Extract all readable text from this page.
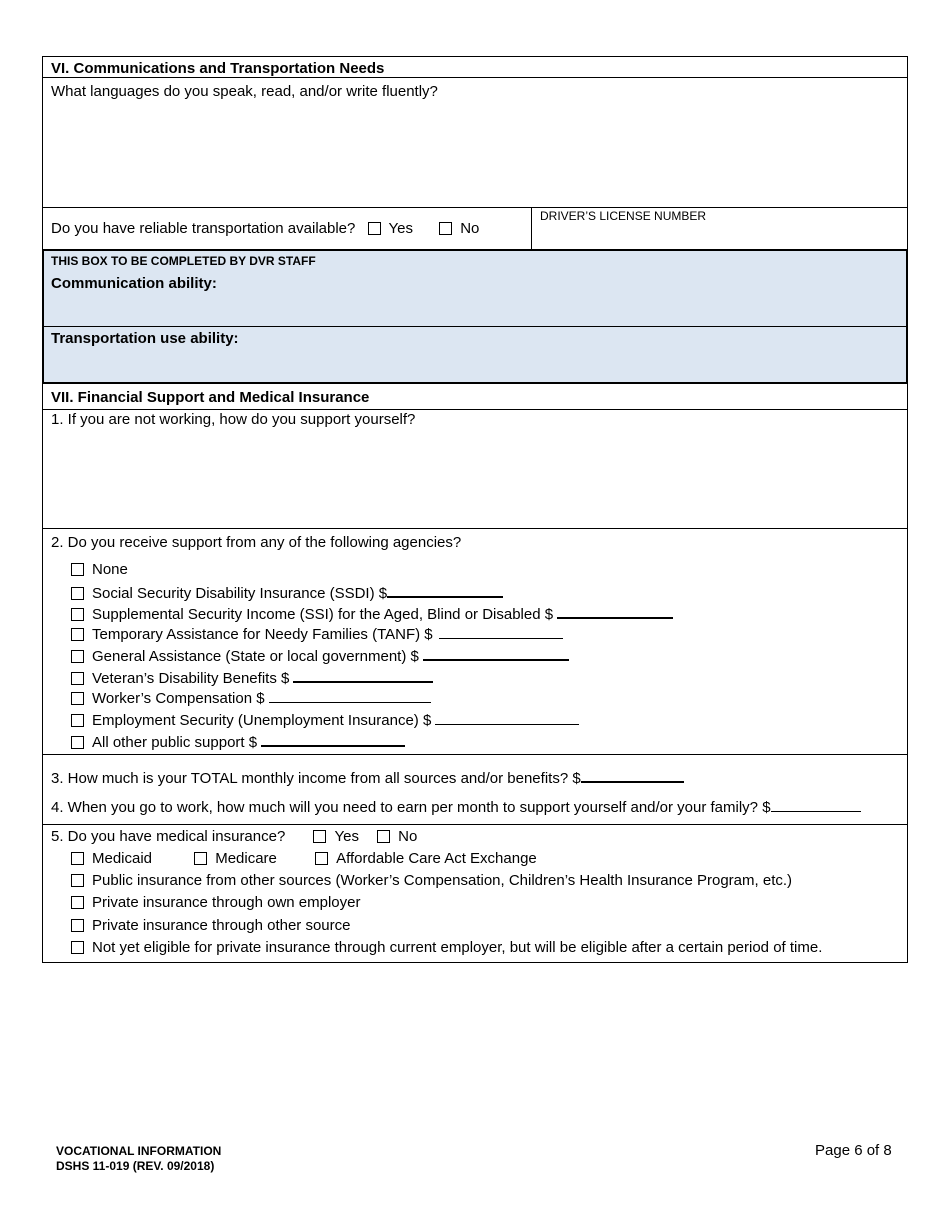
VI. Communications and Transportation Needs
What languages do you speak, read, and/or write fluently?
Do you have reliable transportation available? Yes	No
DRIVER’S LICENSE NUMBER
THIS BOX TO BE COMPLETED BY DVR STAFF
Communication ability:
Transportation use ability:
VII. Financial Support and Medical Insurance
1. If you are not working, how do you support yourself?
2. Do you receive support from any of the following agencies?
None
Social Security Disability Insurance (SSDI) $
Supplemental Security Income (SSI) for the Aged, Blind or Disabled $
Temporary Assistance for Needy Families (TANF) $
General Assistance (State or local government) $
Veteran’s Disability Benefits $
Worker’s Compensation $
Employment Security (Unemployment Insurance) $
All other public support $
3. How much is your TOTAL monthly income from all sources and/or benefits? $
4. When you go to work, how much will you need to earn per month to support yourself and/or your family? $
5. Do you have medical insurance?	Yes	No
Medicaid	Medicare	Affordable Care Act Exchange
Public insurance from other sources (Worker’s Compensation, Children’s Health Insurance Program, etc.)
Private insurance through own employer
Private insurance through other source
Not yet eligible for private insurance through current employer, but will be eligible after a certain period of time.
VOCATIONAL INFORMATION
DSHS 11-019 (REV. 09/2018)
Page 6 of 8
